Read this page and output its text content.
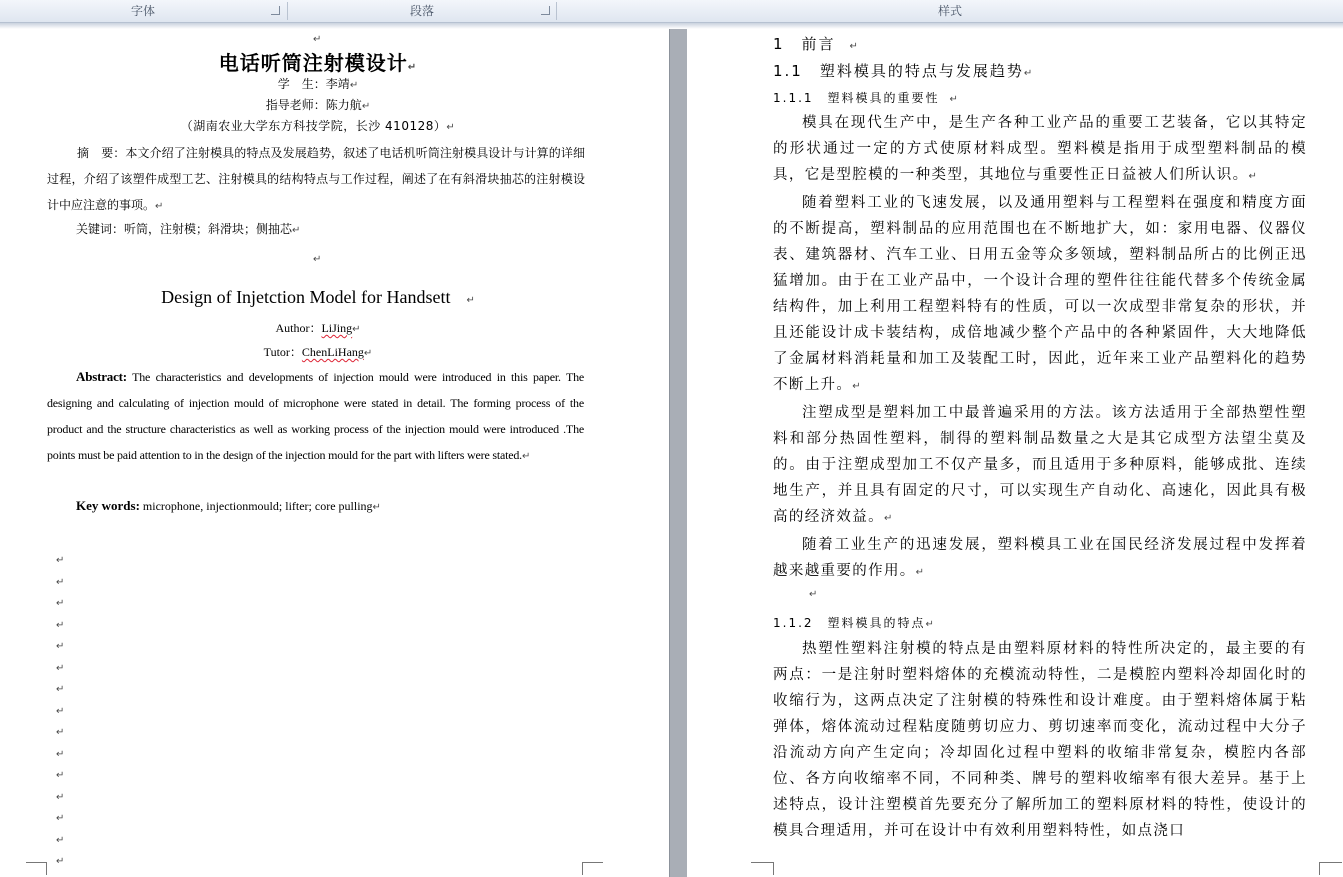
字体	段落	样式
↵
电话听筒注射模设计↵
学　生：李靖↵
指导老师：陈力航↵
（湖南农业大学东方科技学院，长沙 410128）↵
摘　要：本文介绍了注射模具的特点及发展趋势，叙述了电话机听筒注射模具设计与计算的详细过程，介绍了该塑件成型工艺、注射模具的结构特点与工作过程，阐述了在有斜滑块抽芯的注射模设计中应注意的事项。↵
关键词：听筒，注射模；斜滑块；侧抽芯↵
↵
Design of Injetction Model for Handsett ↵
Author：LiJing↵
Tutor：ChenLiHang↵
Abstract: The characteristics and developments of injection mould were introduced in this paper. The designing and calculating of injection mould of microphone were stated in detail. The forming process of the product and the structure characteristics as well as working process of the injection mould were introduced .The points must be paid attention to in the design of the injection mould for the part with lifters were stated.↵
Key words: microphone, injectionmould; lifter; core pulling↵
↵
↵
↵
↵
↵
↵
↵
↵
↵
↵
↵
↵
↵
↵
↵
1　前言 ↵
1.1　塑料模具的特点与发展趋势↵
1.1.1　塑料模具的重要性 ↵

模具在现代生产中，是生产各种工业产品的重要工艺装备，它以其特定的形状通过一定的方式使原材料成型。塑料模是指用于成型塑料制品的模具，它是型腔模的一种类型，其地位与重要性正日益被人们所认识。↵

随着塑料工业的飞速发展，以及通用塑料与工程塑料在强度和精度方面的不断提高，塑料制品的应用范围也在不断地扩大，如：家用电器、仪器仪表、建筑器材、汽车工业、日用五金等众多领域，塑料制品所占的比例正迅猛增加。由于在工业产品中，一个设计合理的塑件往往能代替多个传统金属结构件，加上利用工程塑料特有的性质，可以一次成型非常复杂的形状，并且还能设计成卡装结构，成倍地减少整个产品中的各种紧固件，大大地降低了金属材料消耗量和加工及装配工时，因此，近年来工业产品塑料化的趋势不断上升。↵

注塑成型是塑料加工中最普遍采用的方法。该方法适用于全部热塑性塑料和部分热固性塑料，制得的塑料制品数量之大是其它成型方法望尘莫及的。由于注塑成型加工不仅产量多，而且适用于多种原料，能够成批、连续地生产，并且具有固定的尺寸，可以实现生产自动化、高速化，因此具有极高的经济效益。↵

随着工业生产的迅速发展，塑料模具工业在国民经济发展过程中发挥着越来越重要的作用。↵

↵
1.1.2　塑料模具的特点↵

热塑性塑料注射模的特点是由塑料原材料的特性所决定的，最主要的有两点：一是注射时塑料熔体的充模流动特性，二是模腔内塑料冷却固化时的收缩行为，这两点决定了注射模的特殊性和设计难度。由于塑料熔体属于粘弹体，熔体流动过程粘度随剪切应力、剪切速率而变化，流动过程中大分子沿流动方向产生定向；冷却固化过程中塑料的收缩非常复杂，模腔内各部位、各方向收缩率不同，不同种类、牌号的塑料收缩率有很大差异。基于上述特点，设计注塑模首先要充分了解所加工的塑料原材料的特性，使设计的模具合理适用，并可在设计中有效利用塑料特性，如点浇口
